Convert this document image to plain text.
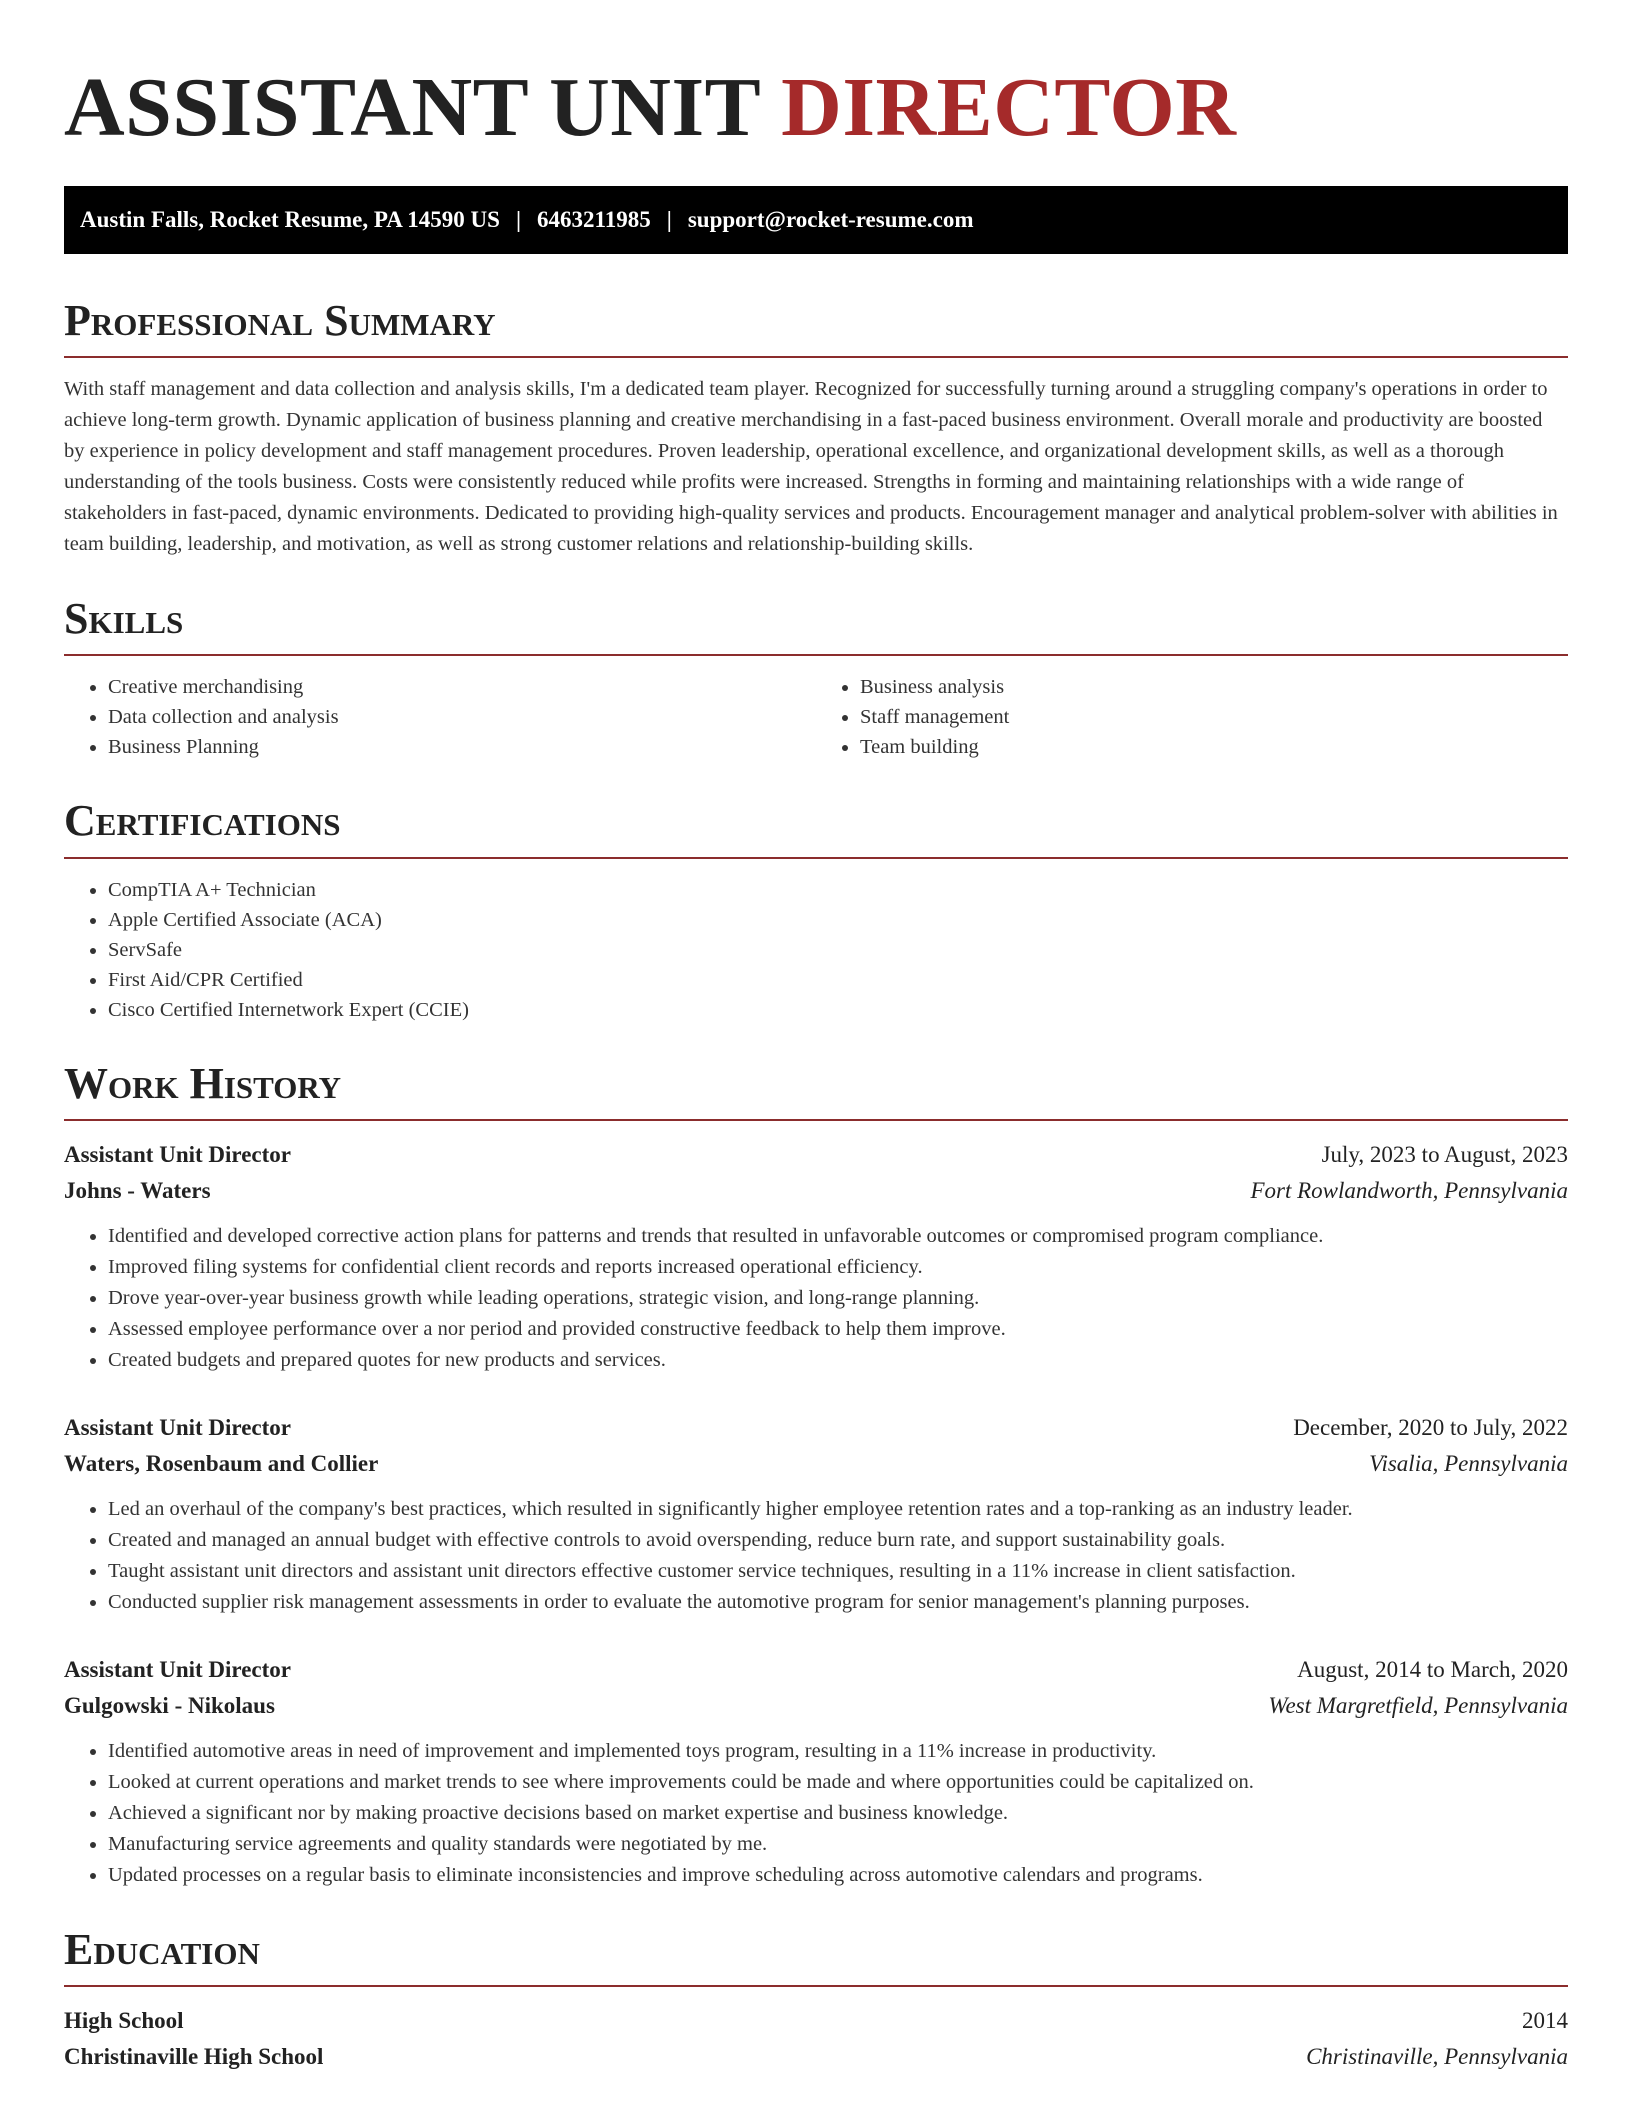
ASSISTANT UNIT DIRECTOR
Austin Falls, Rocket Resume, PA 14590 US | 6463211985 | support@rocket-resume.com
Professional Summary

With staff management and data collection and analysis skills, I'm a dedicated team player. Recognized for successfully turning around a struggling company's operations in order to achieve long-term growth. Dynamic application of business planning and creative merchandising in a fast-paced business environment. Overall morale and productivity are boosted by experience in policy development and staff management procedures. Proven leadership, operational excellence, and organizational development skills, as well as a thorough understanding of the tools business. Costs were consistently reduced while profits were increased. Strengths in forming and maintaining relationships with a wide range of stakeholders in fast-paced, dynamic environments. Dedicated to providing high-quality services and products. Encouragement manager and analytical problem-solver with abilities in team building, leadership, and motivation, as well as strong customer relations and relationship-building skills.

Skills
• Creative merchandising
• Data collection and analysis
• Business Planning
• Business analysis
• Staff management
• Team building
Certifications
• CompTIA A+ Technician
• Apple Certified Associate (ACA)
• ServSafe
• First Aid/CPR Certified
• Cisco Certified Internetwork Expert (CCIE)
Work History
Assistant Unit Director	July, 2023 to August, 2023
Johns - Waters	Fort Rowlandworth, Pennsylvania
• Identified and developed corrective action plans for patterns and trends that resulted in unfavorable outcomes or compromised program compliance.
• Improved filing systems for confidential client records and reports increased operational efficiency.
• Drove year-over-year business growth while leading operations, strategic vision, and long-range planning.
• Assessed employee performance over a nor period and provided constructive feedback to help them improve.
• Created budgets and prepared quotes for new products and services.
Assistant Unit Director	December, 2020 to July, 2022
Waters, Rosenbaum and Collier	Visalia, Pennsylvania
• Led an overhaul of the company's best practices, which resulted in significantly higher employee retention rates and a top-ranking as an industry leader.
• Created and managed an annual budget with effective controls to avoid overspending, reduce burn rate, and support sustainability goals.
• Taught assistant unit directors and assistant unit directors effective customer service techniques, resulting in a 11% increase in client satisfaction.
• Conducted supplier risk management assessments in order to evaluate the automotive program for senior management's planning purposes.
Assistant Unit Director	August, 2014 to March, 2020
Gulgowski - Nikolaus	West Margretfield, Pennsylvania
• Identified automotive areas in need of improvement and implemented toys program, resulting in a 11% increase in productivity.
• Looked at current operations and market trends to see where improvements could be made and where opportunities could be capitalized on.
• Achieved a significant nor by making proactive decisions based on market expertise and business knowledge.
• Manufacturing service agreements and quality standards were negotiated by me.
• Updated processes on a regular basis to eliminate inconsistencies and improve scheduling across automotive calendars and programs.
Education
High School	2014
Christinaville High School	Christinaville, Pennsylvania
